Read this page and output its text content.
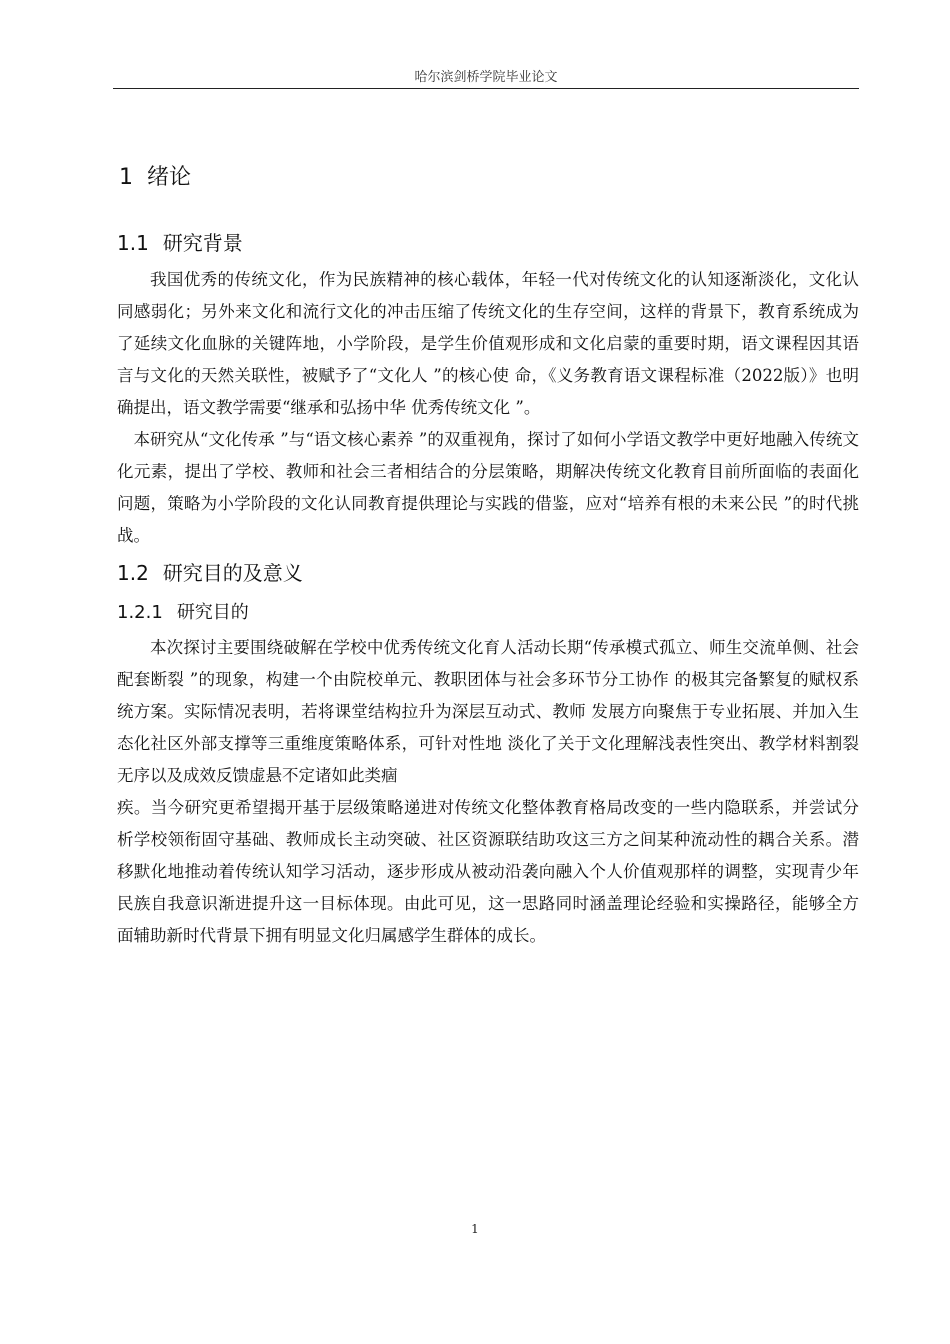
哈尔滨剑桥学院毕业论文
1 绪论
1.1 研究背景

我国优秀的传统文化，作为民族精神的核心载体，年轻一代对传统文化的认知逐渐淡化，文化认同感弱化；另外来文化和流行文化的冲击压缩了传统文化的生存空间，这样的背景下，教育系统成为了延续文化血脉的关键阵地，小学阶段，是学生价值观形成和文化启蒙的重要时期，语文课程因其语言与文化的天然关联性，被赋予了“文化人 ”的核心使 命，《义务教育语文课程标准（2022版）》也明确提出，语文教学需要“继承和弘扬中华 优秀传统文化 ”。

本研究从“文化传承 ”与“语文核心素养 ”的双重视角，探讨了如何小学语文教学中更好地融入传统文化元素，提出了学校、教师和社会三者相结合的分层策略，期解决传统文化教育目前所面临的表面化问题，策略为小学阶段的文化认同教育提供理论与实践的借鉴，应对“培养有根的未来公民 ”的时代挑战。

1.2 研究目的及意义
1.2.1 研究目的

本次探讨主要围绕破解在学校中优秀传统文化育人活动长期“传承模式孤立、师生交流单侧、社会配套断裂 ”的现象，构建一个由院校单元、教职团体与社会多环节分工协作 的极其完备繁复的赋权系统方案。实际情况表明，若将课堂结构拉升为深层互动式、教师 发展方向聚焦于专业拓展、并加入生态化社区外部支撑等三重维度策略体系，可针对性地 淡化了关于文化理解浅表性突出、教学材料割裂无序以及成效反馈虚悬不定诸如此类痼

疾。当今研究更希望揭开基于层级策略递进对传统文化整体教育格局改变的一些内隐联系，并尝试分析学校领衔固守基础、教师成长主动突破、社区资源联结助攻这三方之间某种流动性的耦合关系。潜移默化地推动着传统认知学习活动，逐步形成从被动沿袭向融入个人价值观那样的调整，实现青少年民族自我意识渐进提升这一目标体现。由此可见，这一思路同时涵盖理论经验和实操路径，能够全方面辅助新时代背景下拥有明显文化归属感学生群体的成长。

1
